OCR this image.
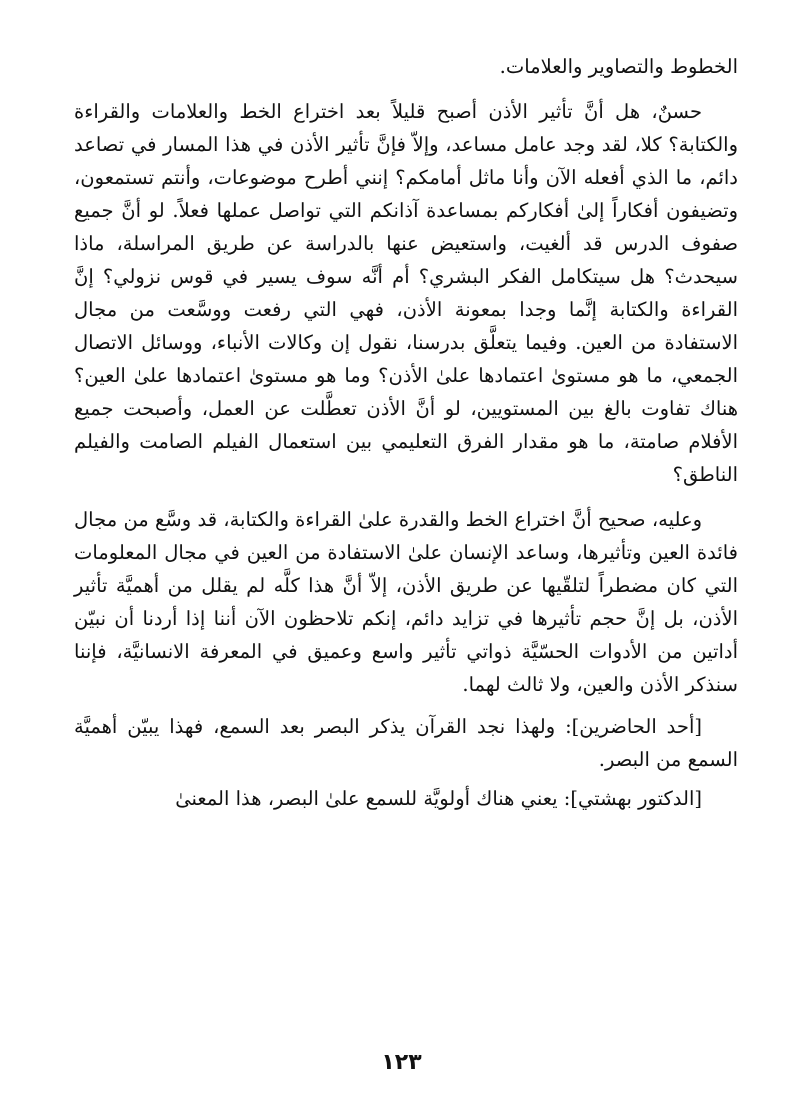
الخطوط والتصاوير والعلامات.

حسنٌ، هل أنَّ تأثير الأذن أصبح قليلاً بعد اختراع الخط والعلامات والقراءة والكتابة؟ كلا، لقد وجد عامل مساعد، وإلاّ فإنَّ تأثير الأذن في هذا المسار في تصاعد دائم، ما الذي أفعله الآن وأنا ماثل أمامكم؟ إنني أطرح موضوعات، وأنتم تستمعون، وتضيفون أفكاراً إلىٰ أفكاركم بمساعدة آذانكم التي تواصل عملها فعلاً. لو أنَّ جميع صفوف الدرس قد ألغيت، واستعيض عنها بالدراسة عن طريق المراسلة، ماذا سيحدث؟ هل سيتكامل الفكر البشري؟ أم أنَّه سوف يسير في قوس نزولي؟ إنَّ القراءة والكتابة إنَّما وجدا بمعونة الأذن، فهي التي رفعت ووسَّعت من مجال الاستفادة من العين. وفيما يتعلَّق بدرسنا، نقول إن وكالات الأنباء، ووسائل الاتصال الجمعي، ما هو مستوىٰ اعتمادها علىٰ الأذن؟ وما هو مستوىٰ اعتمادها علىٰ العين؟ هناك تفاوت بالغ بين المستويين، لو أنَّ الأذن تعطَّلت عن العمل، وأصبحت جميع الأفلام صامتة، ما هو مقدار الفرق التعليمي بين استعمال الفيلم الصامت والفيلم الناطق؟

وعليه، صحيح أنَّ اختراع الخط والقدرة علىٰ القراءة والكتابة، قد وسَّع من مجال فائدة العين وتأثيرها، وساعد الإنسان علىٰ الاستفادة من العين في مجال المعلومات التي كان مضطراً لتلقّيها عن طريق الأذن، إلاّ أنَّ هذا كلَّه لم يقلل من أهميَّة تأثير الأذن، بل إنَّ حجم تأثيرها في تزايد دائم، إنكم تلاحظون الآن أننا إذا أردنا أن نبيّن أداتين من الأدوات الحسّيَّة ذواتي تأثير واسع وعميق في المعرفة الانسانيَّة، فإننا سنذكر الأذن والعين، ولا ثالث لهما.

[أحد الحاضرين]: ولهذا نجد القرآن يذكر البصر بعد السمع، فهذا يبيّن أهميَّة السمع من البصر.

[الدكتور بهشتي]: يعني هناك أولويَّة للسمع علىٰ البصر، هذا المعنىٰ

١٢٣
